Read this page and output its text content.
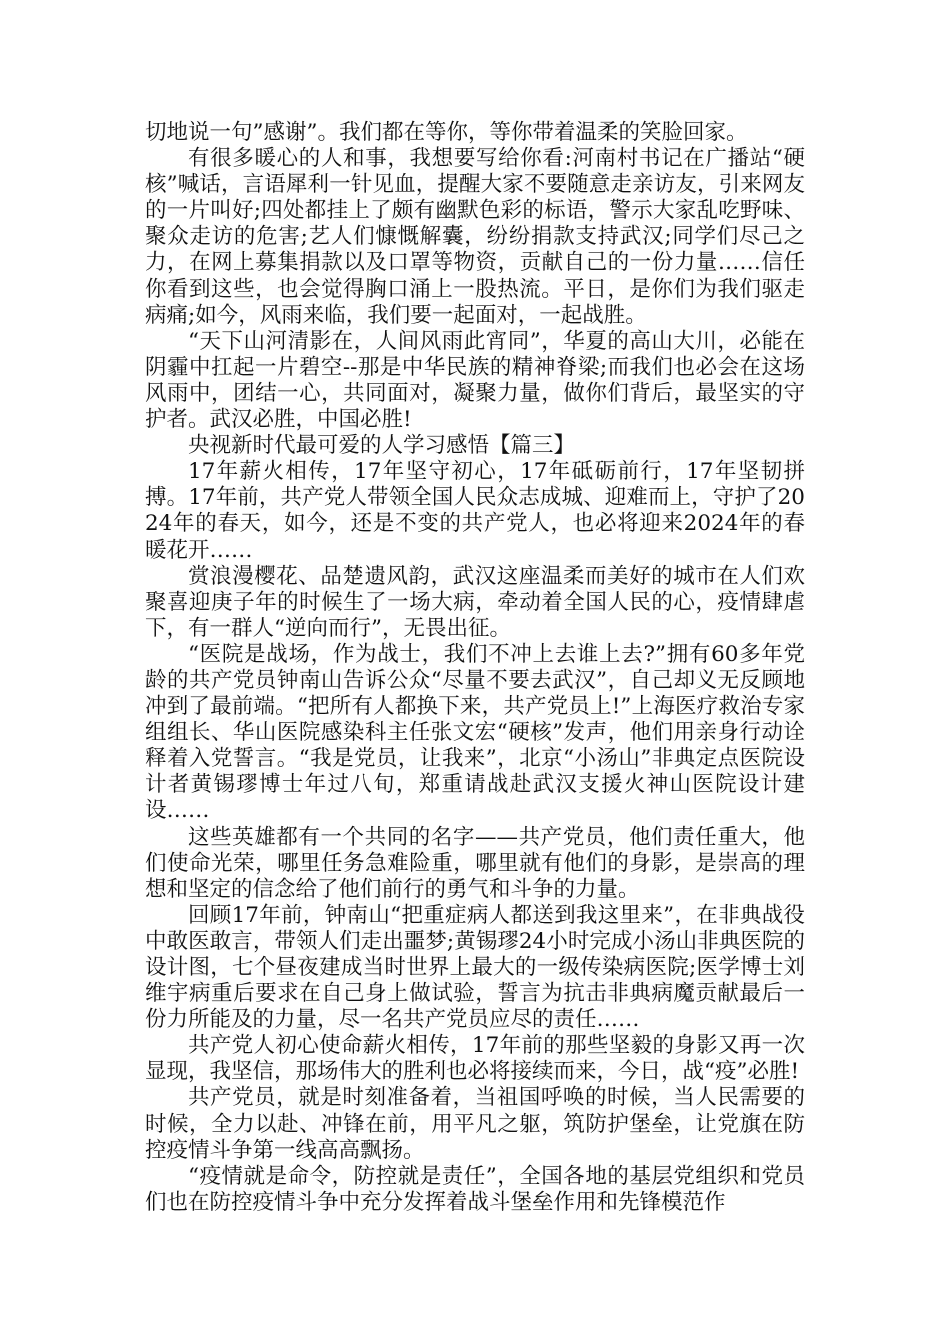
切地说一句”感谢”。我们都在等你，等你带着温柔的笑脸回家。

有很多暖心的人和事，我想要写给你看:河南村书记在广播站“硬核”喊话，言语犀利一针见血，提醒大家不要随意走亲访友，引来网友的一片叫好;四处都挂上了颇有幽默色彩的标语，警示大家乱吃野味、聚众走访的危害;艺人们慷慨解囊，纷纷捐款支持武汉;同学们尽己之力，在网上募集捐款以及口罩等物资，贡献自己的一份力量……信任你看到这些，也会觉得胸口涌上一股热流。平日，是你们为我们驱走病痛;如今，风雨来临，我们要一起面对，一起战胜。

“天下山河清影在，人间风雨此宵同”，华夏的高山大川，必能在阴霾中扛起一片碧空--那是中华民族的精神脊梁;而我们也必会在这场风雨中，团结一心，共同面对，凝聚力量，做你们背后，最坚实的守护者。武汉必胜，中国必胜!

央视新时代最可爱的人学习感悟【篇三】

17年薪火相传，17年坚守初心，17年砥砺前行，17年坚韧拼搏。17年前，共产党人带领全国人民众志成城、迎难而上，守护了2024年的春天，如今，还是不变的共产党人，也必将迎来2024年的春暖花开……

赏浪漫樱花、品楚遗风韵，武汉这座温柔而美好的城市在人们欢聚喜迎庚子年的时候生了一场大病，牵动着全国人民的心，疫情肆虐下，有一群人“逆向而行”，无畏出征。

“医院是战场，作为战士，我们不冲上去谁上去?”拥有60多年党龄的共产党员钟南山告诉公众“尽量不要去武汉”，自己却义无反顾地冲到了最前端。“把所有人都换下来，共产党员上!”上海医疗救治专家组组长、华山医院感染科主任张文宏“硬核”发声，他们用亲身行动诠释着入党誓言。“我是党员，让我来”，北京“小汤山”非典定点医院设计者黄锡璆博士年过八旬，郑重请战赴武汉支援火神山医院设计建设……

这些英雄都有一个共同的名字——共产党员，他们责任重大，他们使命光荣，哪里任务急难险重，哪里就有他们的身影，是崇高的理想和坚定的信念给了他们前行的勇气和斗争的力量。

回顾17年前，钟南山“把重症病人都送到我这里来”，在非典战役中敢医敢言，带领人们走出噩梦;黄锡璆24小时完成小汤山非典医院的设计图，七个昼夜建成当时世界上最大的一级传染病医院;医学博士刘维宇病重后要求在自己身上做试验，誓言为抗击非典病魔贡献最后一份力所能及的力量，尽一名共产党员应尽的责任……

共产党人初心使命薪火相传，17年前的那些坚毅的身影又再一次显现，我坚信，那场伟大的胜利也必将接续而来，今日，战“疫”必胜!

共产党员，就是时刻准备着，当祖国呼唤的时候，当人民需要的时候，全力以赴、冲锋在前，用平凡之躯，筑防护堡垒，让党旗在防控疫情斗争第一线高高飘扬。

“疫情就是命令，防控就是责任”，全国各地的基层党组织和党员们也在防控疫情斗争中充分发挥着战斗堡垒作用和先锋模范作
